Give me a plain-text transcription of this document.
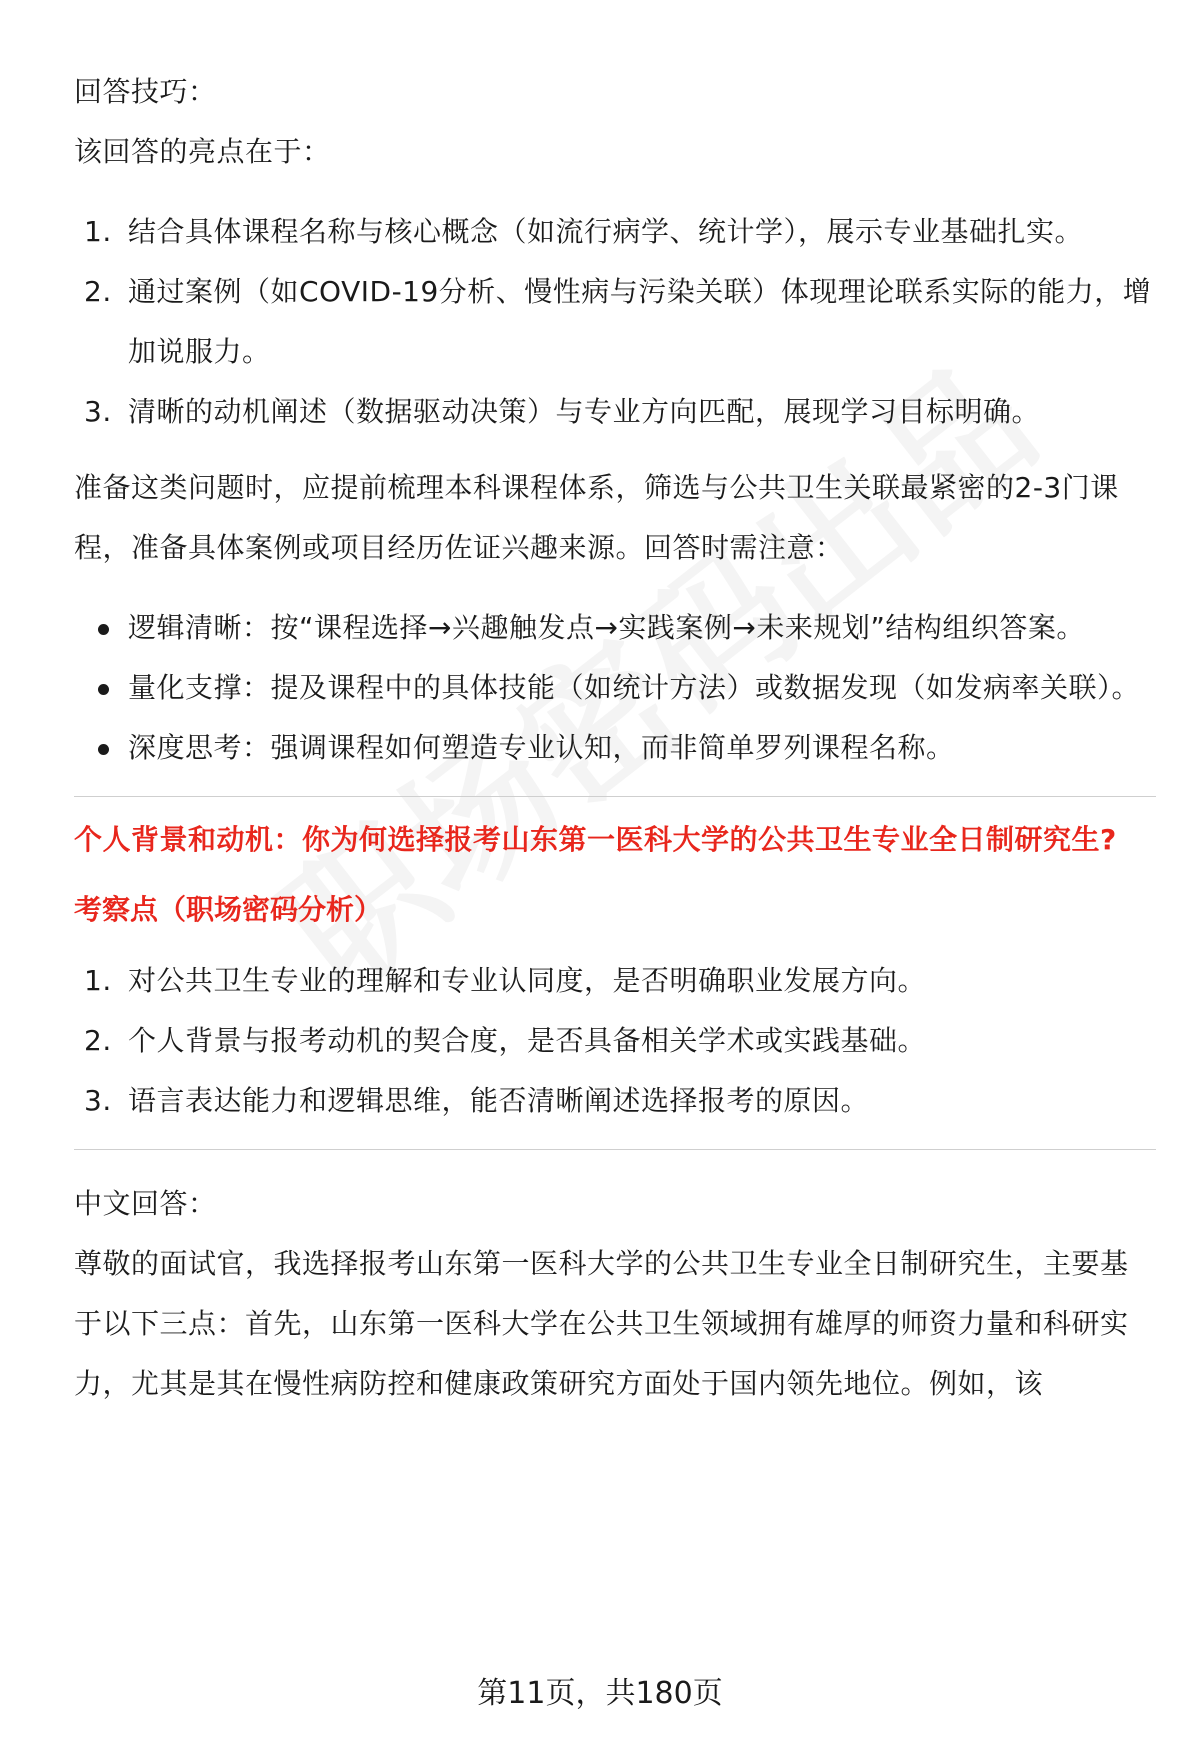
回答技巧：

该回答的亮点在于：

1. 结合具体课程名称与核心概念（如流行病学、统计学），展示专业基础扎实。
2. 通过案例（如COVID-19分析、慢性病与污染关联）体现理论联系实际的能力，增加说服力。
3. 清晰的动机阐述（数据驱动决策）与专业方向匹配，展现学习目标明确。

准备这类问题时，应提前梳理本科课程体系，筛选与公共卫生关联最紧密的2-3门课程，准备具体案例或项目经历佐证兴趣来源。回答时需注意：

逻辑清晰：按“课程选择→兴趣触发点→实践案例→未来规划”结构组织答案。
量化支撑：提及课程中的具体技能（如统计方法）或数据发现（如发病率关联）。
深度思考：强调课程如何塑造专业认知，而非简单罗列课程名称。

个人背景和动机：你为何选择报考山东第一医科大学的公共卫生专业全日制研究生?

考察点（职场密码分析）

1. 对公共卫生专业的理解和专业认同度，是否明确职业发展方向。
2. 个人背景与报考动机的契合度，是否具备相关学术或实践基础。
3. 语言表达能力和逻辑思维，能否清晰阐述选择报考的原因。

中文回答：

尊敬的面试官，我选择报考山东第一医科大学的公共卫生专业全日制研究生，主要基于以下三点：首先，山东第一医科大学在公共卫生领域拥有雄厚的师资力量和科研实力，尤其是其在慢性病防控和健康政策研究方面处于国内领先地位。例如，该

第11页，共180页
